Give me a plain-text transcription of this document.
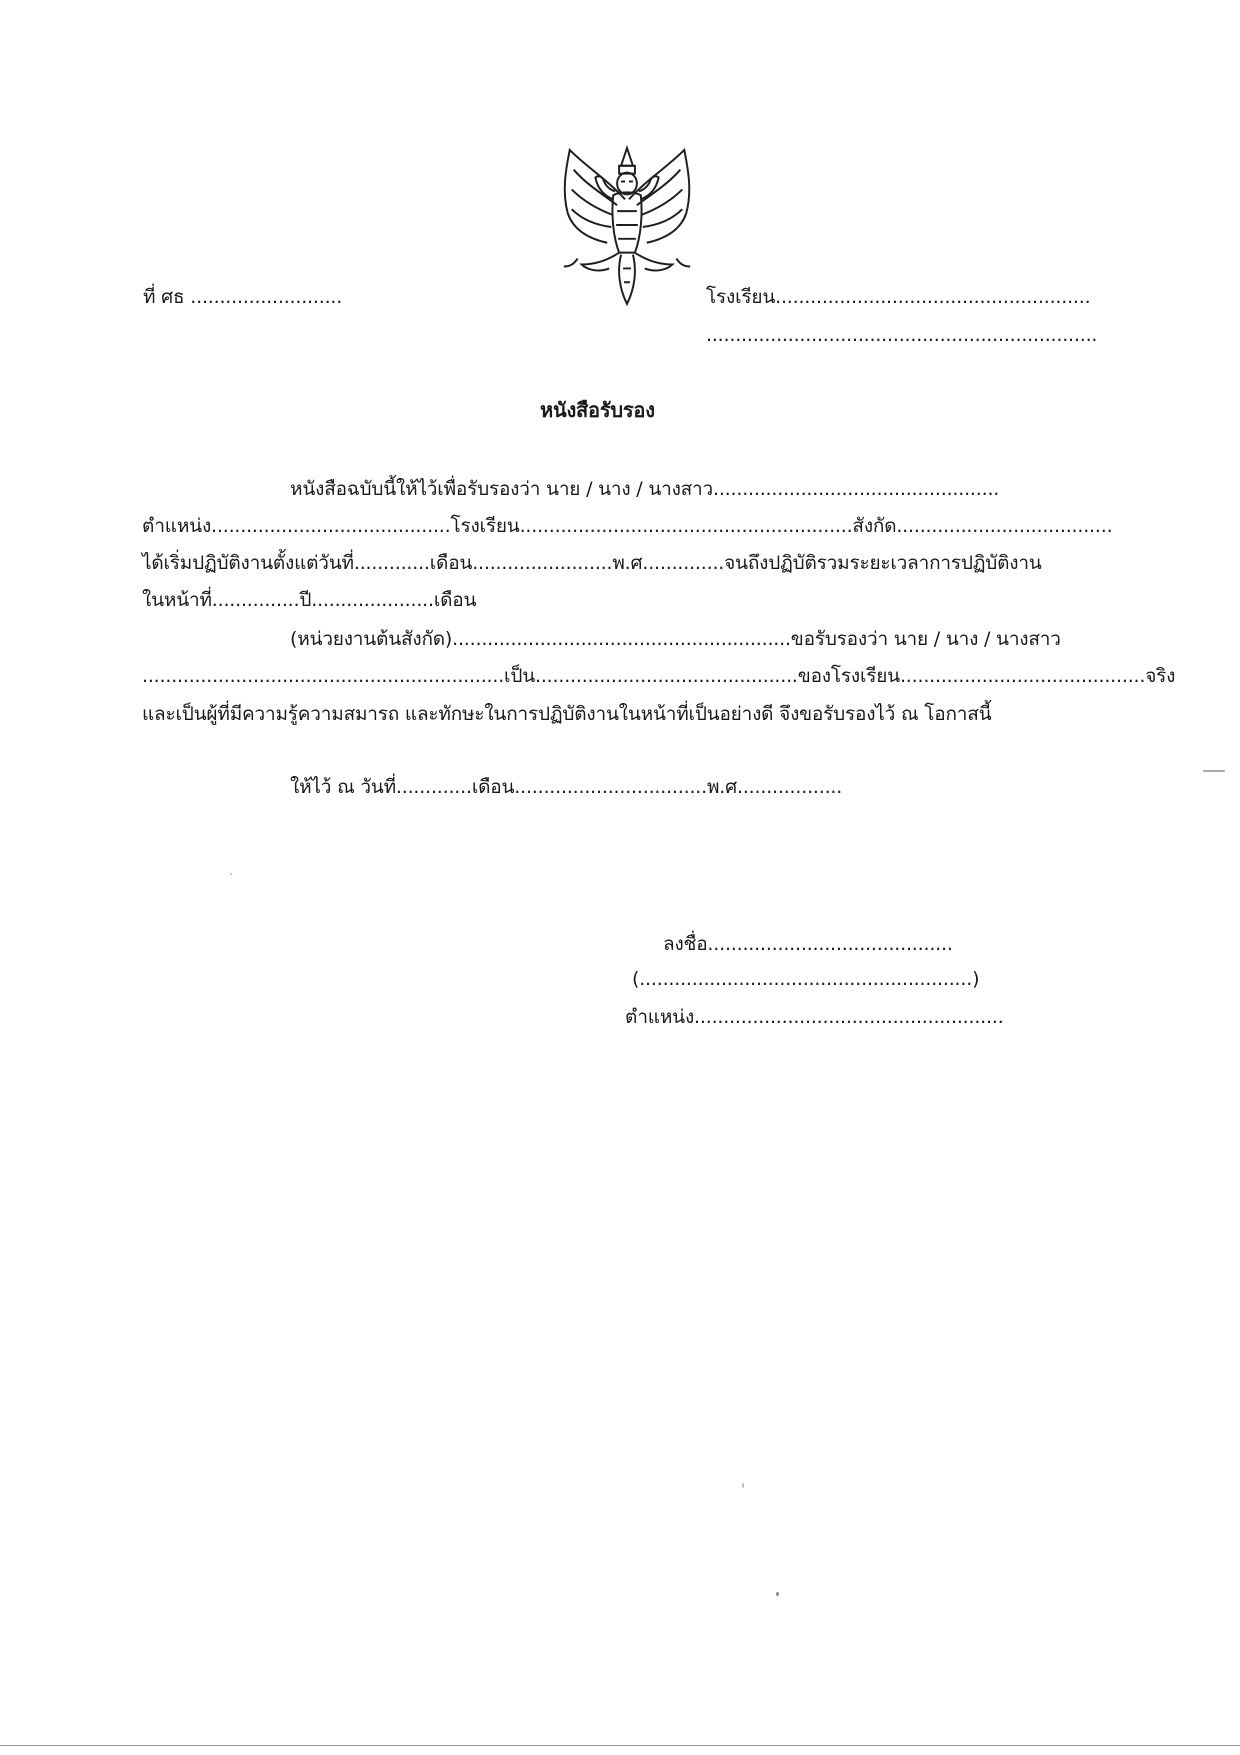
ที่ ศธ ..........................	โรงเรียน......................................................
...................................................................
หนังสือรับรอง
หนังสือฉบับนี้ให้ไว้เพื่อรับรองว่า นาย / นาง / นางสาว.................................................
ตำแหน่ง.........................................โรงเรียน.........................................................สังกัด.....................................
ได้เริ่มปฏิบัติงานตั้งแต่วันที่.............เดือน........................พ.ศ..............จนถึงปฏิบัติรวมระยะเวลาการปฏิบัติงาน
ในหน้าที่...............ปี.....................เดือน
(หน่วยงานต้นสังกัด)..........................................................ขอรับรองว่า นาย / นาง / นางสาว
..............................................................เป็น.............................................ของโรงเรียน..........................................จริง
และเป็นผู้ที่มีความรู้ความสมารถ และทักษะในการปฏิบัติงานในหน้าที่เป็นอย่างดี จึงขอรับรองไว้ ณ โอกาสนี้
ให้ไว้ ณ วันที่.............เดือน.................................พ.ศ..................
ลงชื่อ..........................................
(.........................................................)
ตำแหน่ง.....................................................
